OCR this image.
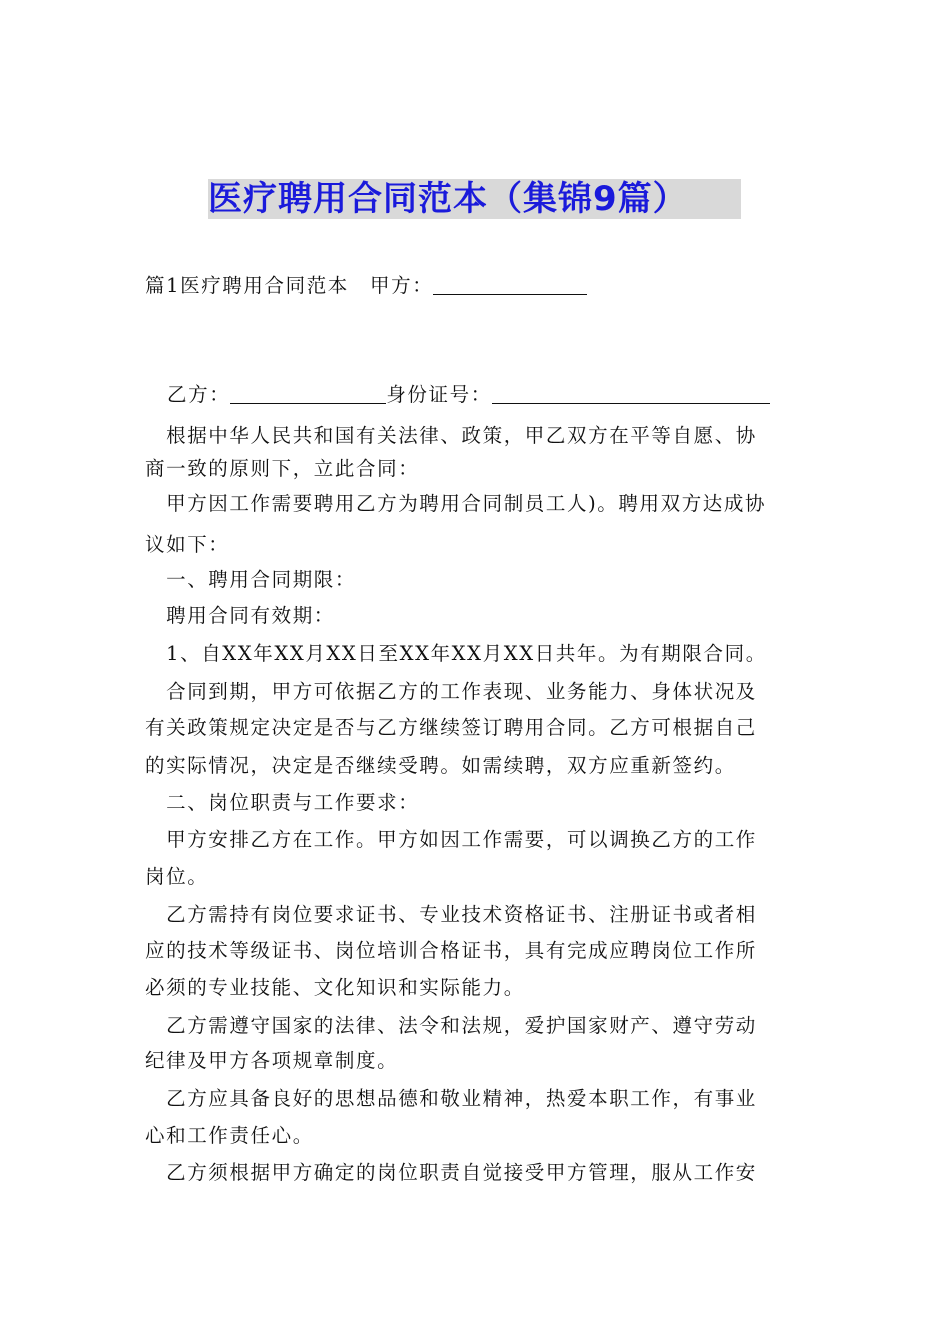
医疗聘用合同范本（集锦9篇）
篇1医疗聘用合同范本　甲方：
乙方：	身份证号：
　根据中华人民共和国有关法律、政策，甲乙双方在平等自愿、协
商一致的原则下，立此合同：
　甲方因工作需要聘用乙方为聘用合同制员工人)。聘用双方达成协
议如下：
　一、聘用合同期限：
　聘用合同有效期：
　1、自XX年XX月XX日至XX年XX月XX日共年。为有期限合同。
　合同到期，甲方可依据乙方的工作表现、业务能力、身体状况及
有关政策规定决定是否与乙方继续签订聘用合同。乙方可根据自己
的实际情况，决定是否继续受聘。如需续聘，双方应重新签约。
　二、岗位职责与工作要求：
　甲方安排乙方在工作。甲方如因工作需要，可以调换乙方的工作
岗位。
　乙方需持有岗位要求证书、专业技术资格证书、注册证书或者相
应的技术等级证书、岗位培训合格证书，具有完成应聘岗位工作所
必须的专业技能、文化知识和实际能力。
　乙方需遵守国家的法律、法令和法规，爱护国家财产、遵守劳动
纪律及甲方各项规章制度。
　乙方应具备良好的思想品德和敬业精神，热爱本职工作，有事业
心和工作责任心。
　乙方须根据甲方确定的岗位职责自觉接受甲方管理，服从工作安
